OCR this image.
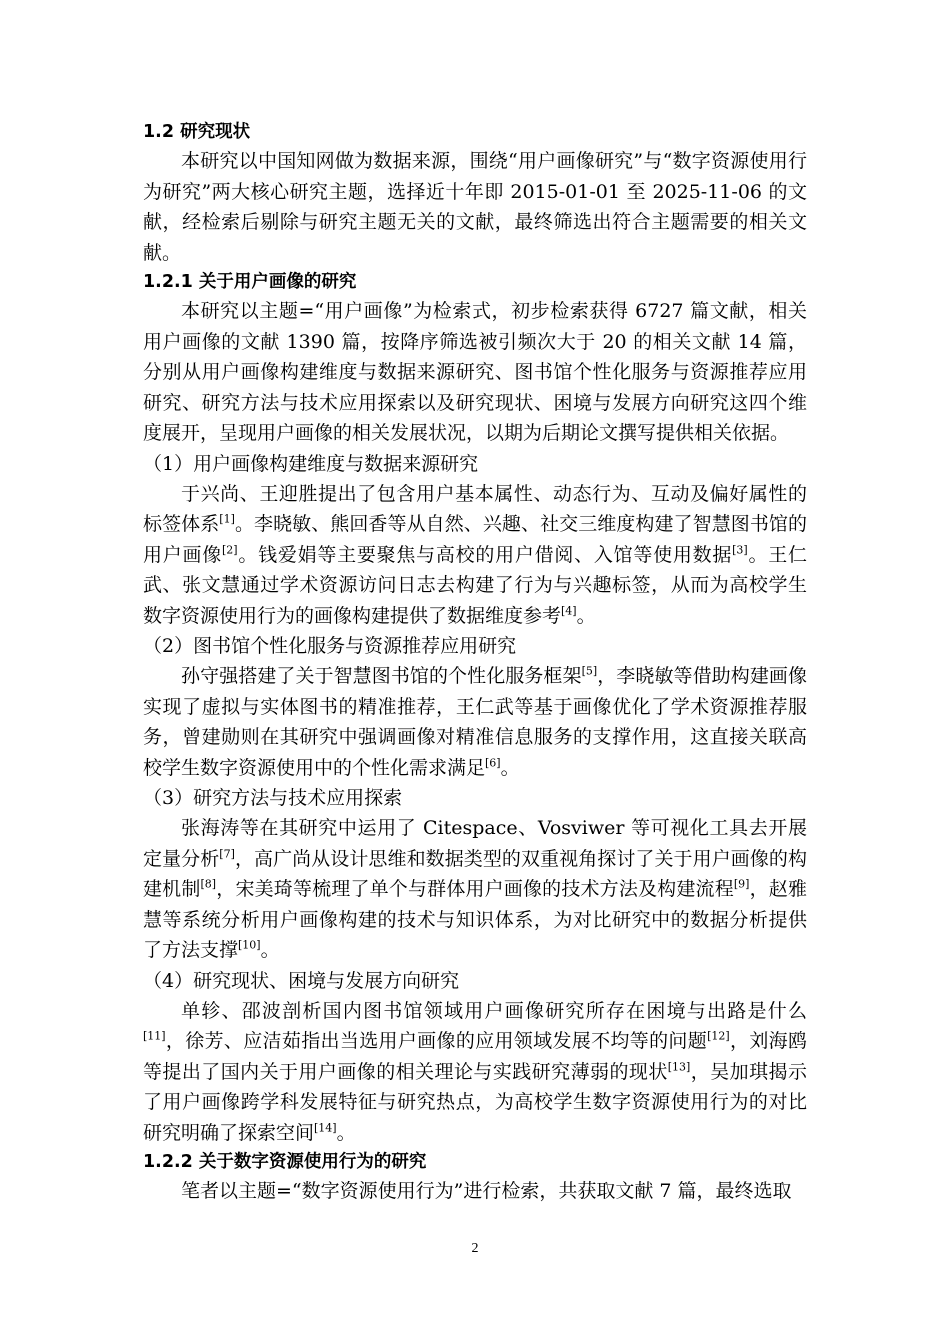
1.2 研究现状

本研究以中国知网做为数据来源，围绕“用户画像研究”与“数字资源使用行为研究”两大核心研究主题，选择近十年即 2015-01-01 至 2025-11-06 的文献，经检索后剔除与研究主题无关的文献，最终筛选出符合主题需要的相关文献。

1.2.1 关于用户画像的研究

本研究以主题=“用户画像”为检索式，初步检索获得 6727 篇文献，相关用户画像的文献 1390 篇，按降序筛选被引频次大于 20 的相关文献 14 篇，分别从用户画像构建维度与数据来源研究、图书馆个性化服务与资源推荐应用研究、研究方法与技术应用探索以及研究现状、困境与发展方向研究这四个维度展开，呈现用户画像的相关发展状况，以期为后期论文撰写提供相关依据。

（1）用户画像构建维度与数据来源研究

于兴尚、王迎胜提出了包含用户基本属性、动态行为、互动及偏好属性的标签体系[1]。李晓敏、熊回香等从自然、兴趣、社交三维度构建了智慧图书馆的用户画像[2]。钱爱娟等主要聚焦与高校的用户借阅、入馆等使用数据[3]。王仁武、张文慧通过学术资源访问日志去构建了行为与兴趣标签，从而为高校学生数字资源使用行为的画像构建提供了数据维度参考[4]。

（2）图书馆个性化服务与资源推荐应用研究

孙守强搭建了关于智慧图书馆的个性化服务框架[5]，李晓敏等借助构建画像实现了虚拟与实体图书的精准推荐，王仁武等基于画像优化了学术资源推荐服务，曾建勋则在其研究中强调画像对精准信息服务的支撑作用，这直接关联高校学生数字资源使用中的个性化需求满足[6]。

（3）研究方法与技术应用探索

张海涛等在其研究中运用了 Citespace、Vosviwer 等可视化工具去开展定量分析[7]，高广尚从设计思维和数据类型的双重视角探讨了关于用户画像的构建机制[8]，宋美琦等梳理了单个与群体用户画像的技术方法及构建流程[9]，赵雅慧等系统分析用户画像构建的技术与知识体系，为对比研究中的数据分析提供了方法支撑[10]。

（4）研究现状、困境与发展方向研究

单轸、邵波剖析国内图书馆领域用户画像研究所存在困境与出路是什么[11]，徐芳、应洁茹指出当选用户画像的应用领域发展不均等的问题[12]，刘海鸥等提出了国内关于用户画像的相关理论与实践研究薄弱的现状[13]，吴加琪揭示了用户画像跨学科发展特征与研究热点，为高校学生数字资源使用行为的对比研究明确了探索空间[14]。

1.2.2 关于数字资源使用行为的研究

笔者以主题=“数字资源使用行为”进行检索，共获取文献 7 篇，最终选取

2
